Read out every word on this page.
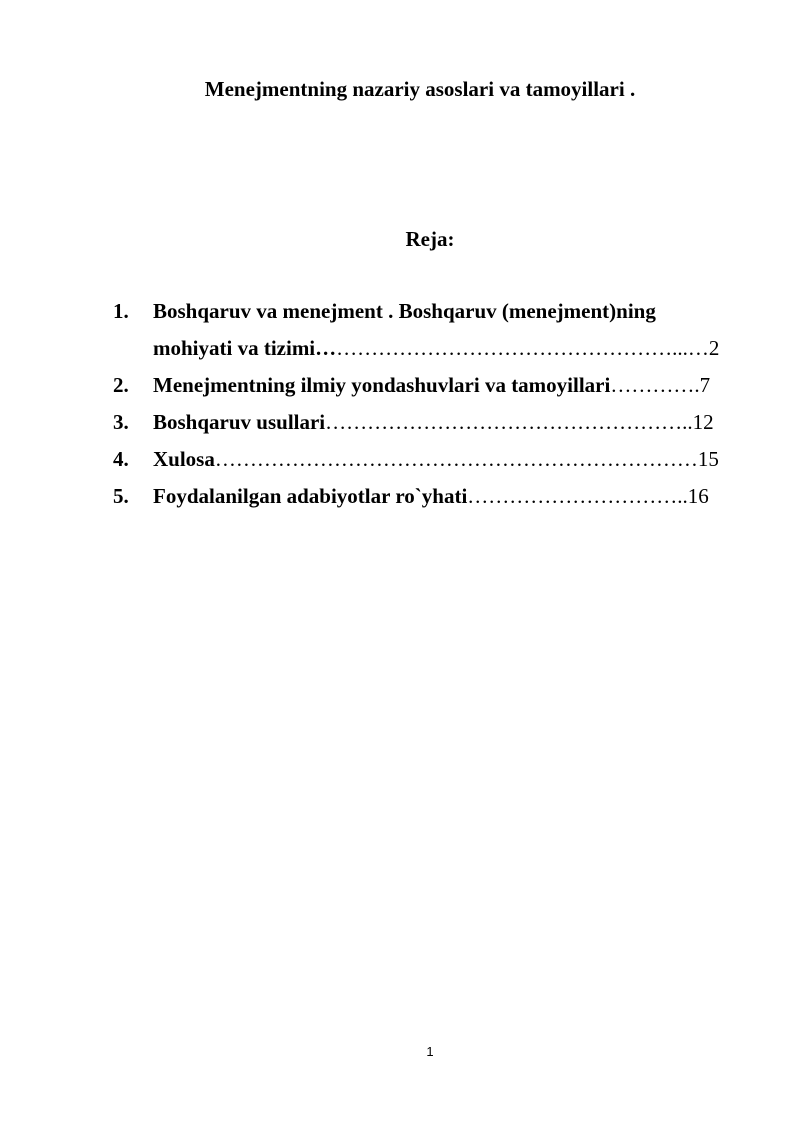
Menejmentning nazariy asoslari va tamoyillari .
Reja:
1. Boshqaruv va menejment . Boshqaruv (menejment)ning
mohiyati va tizimi……………………………………………...…2
2. Menejmentning ilmiy yondashuvlari va tamoyillari………….7
3. Boshqaruv usullari……………………………………………..12
4. Xulosa……………………………………………………………15
5. Foydalanilgan adabiyotlar ro`yhati…………………………..16
1
